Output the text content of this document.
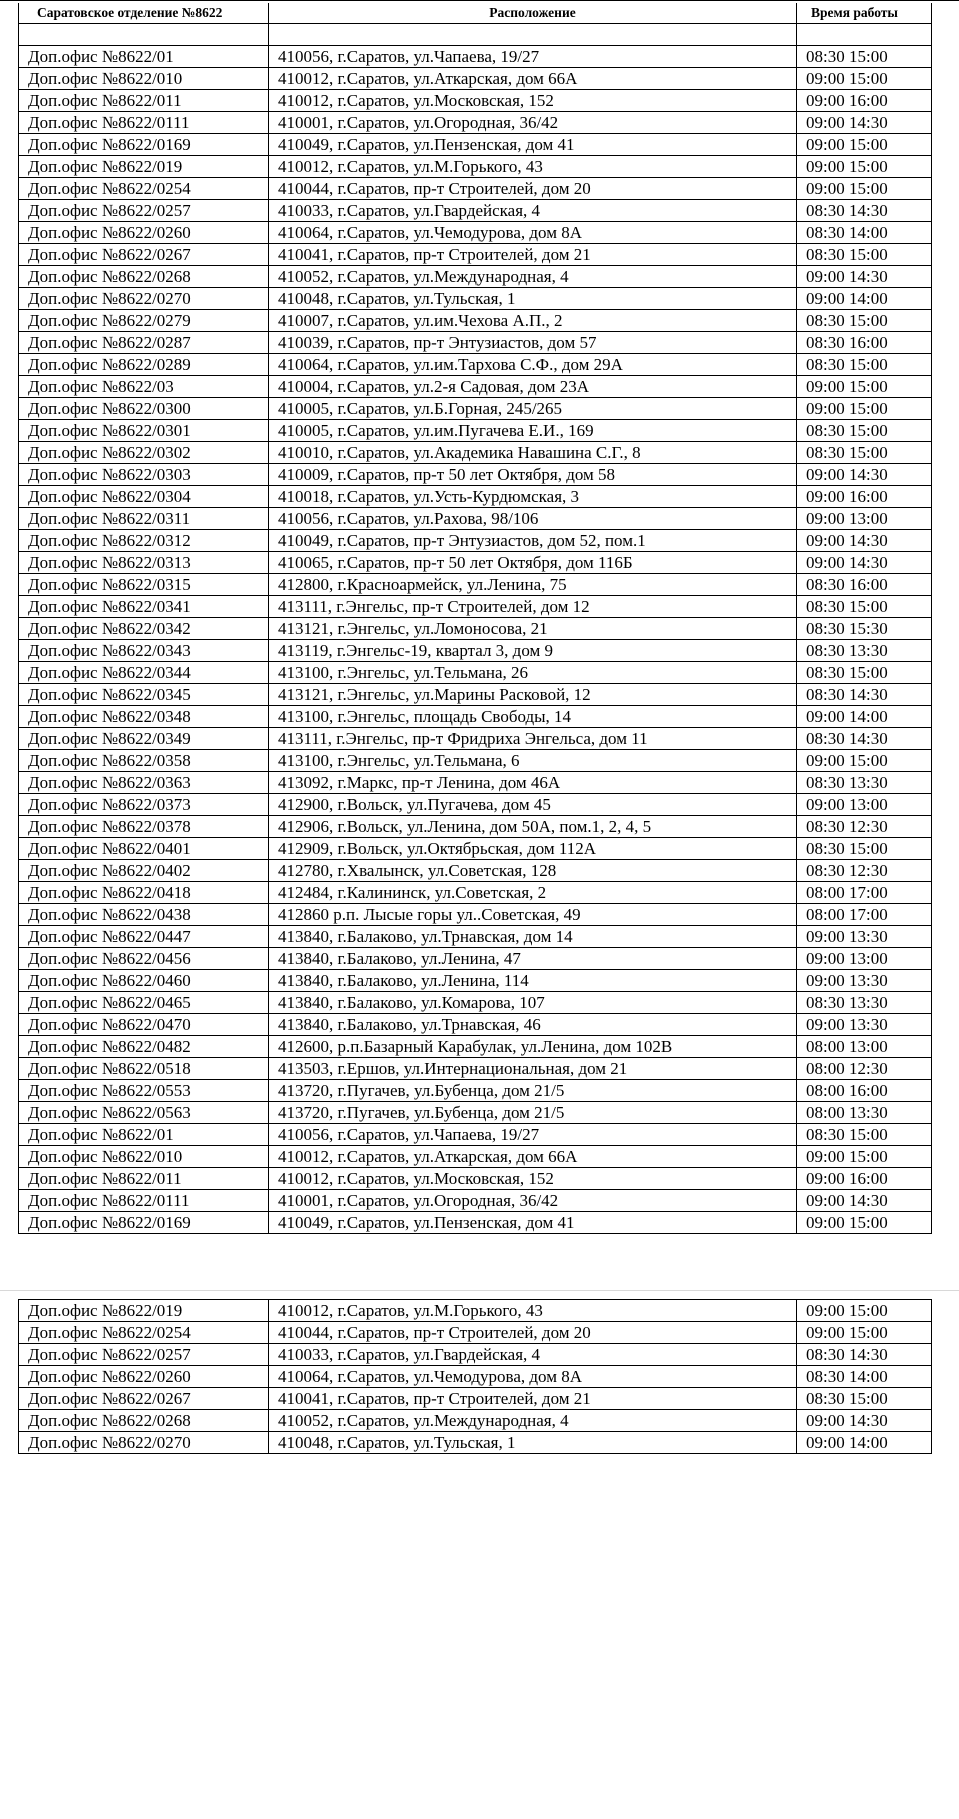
Саратовское отделение №8622	Расположение	Время работы

Доп.офис №8622/01	410056, г.Саратов, ул.Чапаева, 19/27	08:30 15:00
Доп.офис №8622/010	410012, г.Саратов, ул.Аткарская, дом 66А	09:00 15:00
Доп.офис №8622/011	410012, г.Саратов, ул.Московская, 152	09:00 16:00
Доп.офис №8622/0111	410001, г.Саратов, ул.Огородная, 36/42	09:00 14:30
Доп.офис №8622/0169	410049, г.Саратов, ул.Пензенская, дом 41	09:00 15:00
Доп.офис №8622/019	410012, г.Саратов, ул.М.Горького, 43	09:00 15:00
Доп.офис №8622/0254	410044, г.Саратов, пр-т Строителей, дом 20	09:00 15:00
Доп.офис №8622/0257	410033, г.Саратов, ул.Гвардейская, 4	08:30 14:30
Доп.офис №8622/0260	410064, г.Саратов, ул.Чемодурова, дом 8А	08:30 14:00
Доп.офис №8622/0267	410041, г.Саратов, пр-т Строителей, дом 21	08:30 15:00
Доп.офис №8622/0268	410052, г.Саратов, ул.Международная, 4	09:00 14:30
Доп.офис №8622/0270	410048, г.Саратов, ул.Тульская, 1	09:00 14:00
Доп.офис №8622/0279	410007, г.Саратов, ул.им.Чехова А.П., 2	08:30 15:00
Доп.офис №8622/0287	410039, г.Саратов, пр-т Энтузиастов, дом 57	08:30 16:00
Доп.офис №8622/0289	410064, г.Саратов, ул.им.Тархова С.Ф., дом 29А	08:30 15:00
Доп.офис №8622/03	410004, г.Саратов, ул.2-я Садовая, дом 23А	09:00 15:00
Доп.офис №8622/0300	410005, г.Саратов, ул.Б.Горная, 245/265	09:00 15:00
Доп.офис №8622/0301	410005, г.Саратов, ул.им.Пугачева Е.И., 169	08:30 15:00
Доп.офис №8622/0302	410010, г.Саратов, ул.Академика Навашина С.Г., 8	08:30 15:00
Доп.офис №8622/0303	410009, г.Саратов, пр-т 50 лет Октября, дом 58	09:00 14:30
Доп.офис №8622/0304	410018, г.Саратов, ул.Усть-Курдюмская, 3	09:00 16:00
Доп.офис №8622/0311	410056, г.Саратов, ул.Рахова, 98/106	09:00 13:00
Доп.офис №8622/0312	410049, г.Саратов, пр-т Энтузиастов, дом 52, пом.1	09:00 14:30
Доп.офис №8622/0313	410065, г.Саратов, пр-т 50 лет Октября, дом 116Б	09:00 14:30
Доп.офис №8622/0315	412800, г.Красноармейск, ул.Ленина, 75	08:30 16:00
Доп.офис №8622/0341	413111, г.Энгельс, пр-т Строителей, дом 12	08:30 15:00
Доп.офис №8622/0342	413121, г.Энгельс, ул.Ломоносова, 21	08:30 15:30
Доп.офис №8622/0343	413119, г.Энгельс-19, квартал 3, дом 9	08:30 13:30
Доп.офис №8622/0344	413100, г.Энгельс, ул.Тельмана, 26	08:30 15:00
Доп.офис №8622/0345	413121, г.Энгельс, ул.Марины Расковой, 12	08:30 14:30
Доп.офис №8622/0348	413100, г.Энгельс, площадь Свободы, 14	09:00 14:00
Доп.офис №8622/0349	413111, г.Энгельс, пр-т Фридриха Энгельса, дом 11	08:30 14:30
Доп.офис №8622/0358	413100, г.Энгельс, ул.Тельмана, 6	09:00 15:00
Доп.офис №8622/0363	413092, г.Маркс, пр-т Ленина, дом 46А	08:30 13:30
Доп.офис №8622/0373	412900, г.Вольск, ул.Пугачева, дом 45	09:00 13:00
Доп.офис №8622/0378	412906, г.Вольск, ул.Ленина, дом 50А, пом.1, 2, 4, 5	08:30 12:30
Доп.офис №8622/0401	412909, г.Вольск, ул.Октябрьская, дом 112А	08:30 15:00
Доп.офис №8622/0402	412780, г.Хвалынск, ул.Советская, 128	08:30 12:30
Доп.офис №8622/0418	412484, г.Калининск, ул.Советская, 2	08:00 17:00
Доп.офис №8622/0438	412860 р.п. Лысые горы ул..Советская, 49	08:00 17:00
Доп.офис №8622/0447	413840, г.Балаково, ул.Трнавская, дом 14	09:00 13:30
Доп.офис №8622/0456	413840, г.Балаково, ул.Ленина, 47	09:00 13:00
Доп.офис №8622/0460	413840, г.Балаково, ул.Ленина, 114	09:00 13:30
Доп.офис №8622/0465	413840, г.Балаково, ул.Комарова, 107	08:30 13:30
Доп.офис №8622/0470	413840, г.Балаково, ул.Трнавская, 46	09:00 13:30
Доп.офис №8622/0482	412600, р.п.Базарный Карабулак, ул.Ленина, дом 102В	08:00 13:00
Доп.офис №8622/0518	413503, г.Ершов, ул.Интернациональная, дом 21	08:00 12:30
Доп.офис №8622/0553	413720, г.Пугачев, ул.Бубенца, дом 21/5	08:00 16:00
Доп.офис №8622/0563	413720, г.Пугачев, ул.Бубенца, дом 21/5	08:00 13:30
Доп.офис №8622/01	410056, г.Саратов, ул.Чапаева, 19/27	08:30 15:00
Доп.офис №8622/010	410012, г.Саратов, ул.Аткарская, дом 66А	09:00 15:00
Доп.офис №8622/011	410012, г.Саратов, ул.Московская, 152	09:00 16:00
Доп.офис №8622/0111	410001, г.Саратов, ул.Огородная, 36/42	09:00 14:30
Доп.офис №8622/0169	410049, г.Саратов, ул.Пензенская, дом 41	09:00 15:00
Доп.офис №8622/019	410012, г.Саратов, ул.М.Горького, 43	09:00 15:00
Доп.офис №8622/0254	410044, г.Саратов, пр-т Строителей, дом 20	09:00 15:00
Доп.офис №8622/0257	410033, г.Саратов, ул.Гвардейская, 4	08:30 14:30
Доп.офис №8622/0260	410064, г.Саратов, ул.Чемодурова, дом 8А	08:30 14:00
Доп.офис №8622/0267	410041, г.Саратов, пр-т Строителей, дом 21	08:30 15:00
Доп.офис №8622/0268	410052, г.Саратов, ул.Международная, 4	09:00 14:30
Доп.офис №8622/0270	410048, г.Саратов, ул.Тульская, 1	09:00 14:00
